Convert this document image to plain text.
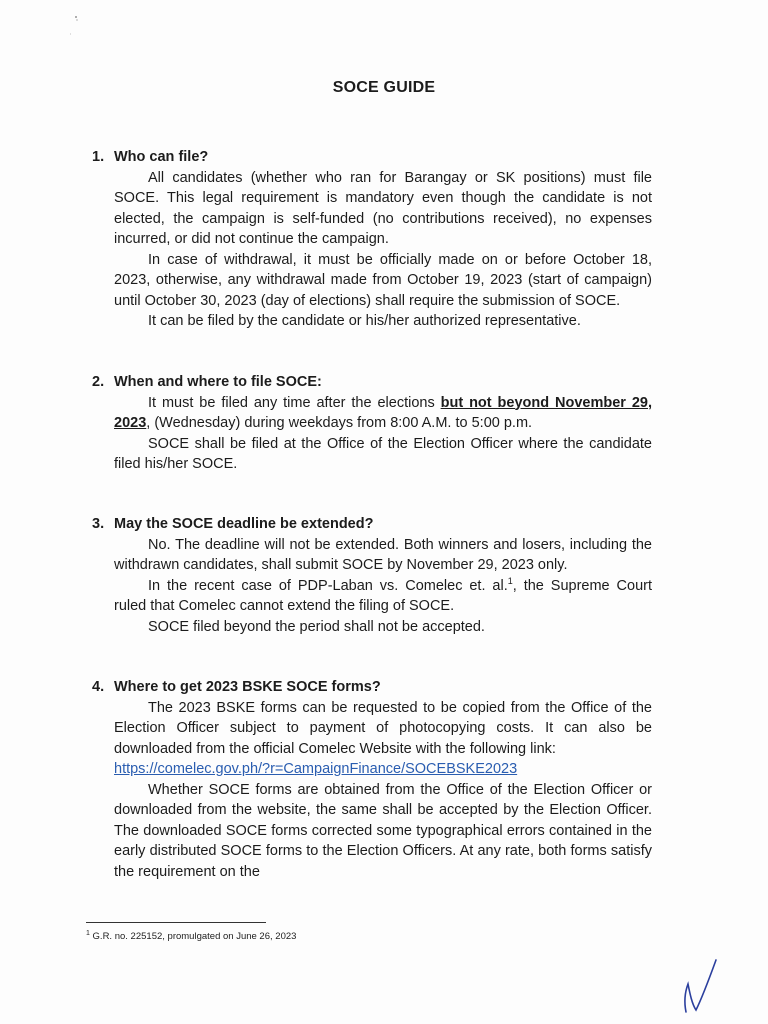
SOCE GUIDE
1. Who can file?

All candidates (whether who ran for Barangay or SK positions) must file SOCE. This legal requirement is mandatory even though the candidate is not elected, the campaign is self-funded (no contributions received), no expenses incurred, or did not continue the campaign.

In case of withdrawal, it must be officially made on or before October 18, 2023, otherwise, any withdrawal made from October 19, 2023 (start of campaign) until October 30, 2023 (day of elections) shall require the submission of SOCE.

It can be filed by the candidate or his/her authorized representative.

2. When and where to file SOCE:

It must be filed any time after the elections but not beyond November 29, 2023, (Wednesday) during weekdays from 8:00 A.M. to 5:00 p.m.

SOCE shall be filed at the Office of the Election Officer where the candidate filed his/her SOCE.

3. May the SOCE deadline be extended?

No. The deadline will not be extended. Both winners and losers, including the withdrawn candidates, shall submit SOCE by November 29, 2023 only.

In the recent case of PDP-Laban vs. Comelec et. al.$^1$, the Supreme Court ruled that Comelec cannot extend the filing of SOCE.

SOCE filed beyond the period shall not be accepted.

4. Where to get 2023 BSKE SOCE forms?

The 2023 BSKE forms can be requested to be copied from the Office of the Election Officer subject to payment of photocopying costs. It can also be downloaded from the official Comelec Website with the following link:

https://comelec.gov.ph/?r=CampaignFinance/SOCEBSKE2023

Whether SOCE forms are obtained from the Office of the Election Officer or downloaded from the website, the same shall be accepted by the Election Officer. The downloaded SOCE forms corrected some typographical errors contained in the early distributed SOCE forms to the Election Officers. At any rate, both forms satisfy the requirement on the

$^1$ G.R. no. 225152, promulgated on June 26, 2023
